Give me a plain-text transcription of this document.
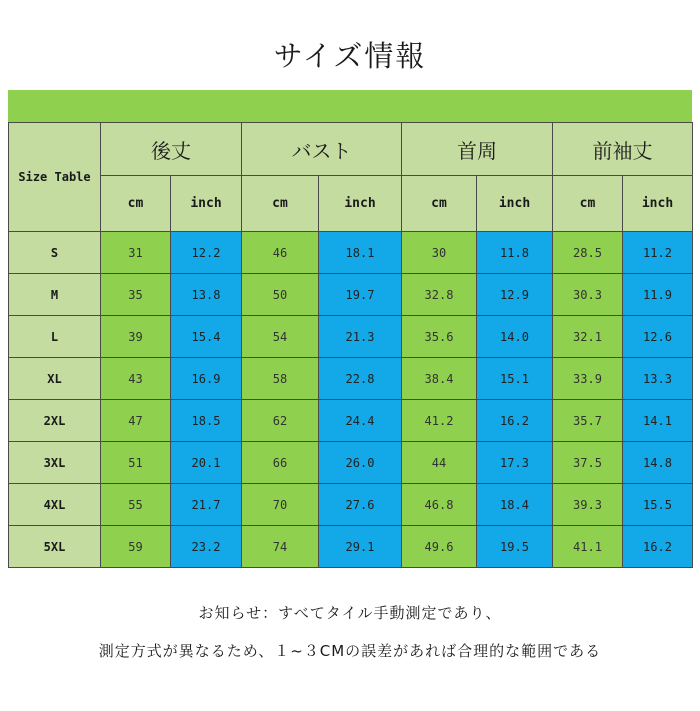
サイズ情報
Size Table	後丈		バスト		首周		前袖丈	
	cm	inch	cm	inch	cm	inch	cm	inch
S	31	12.2	46	18.1	30	11.8	28.5	11.2
M	35	13.8	50	19.7	32.8	12.9	30.3	11.9
L	39	15.4	54	21.3	35.6	14.0	32.1	12.6
XL	43	16.9	58	22.8	38.4	15.1	33.9	13.3
2XL	47	18.5	62	24.4	41.2	16.2	35.7	14.1
3XL	51	20.1	66	26.0	44	17.3	37.5	14.8
4XL	55	21.7	70	27.6	46.8	18.4	39.3	15.5
5XL	59	23.2	74	29.1	49.6	19.5	41.1	16.2
お知らせ：すべてタイル手動測定であり、
測定方式が異なるため、１~３CMの誤差があれば合理的な範囲である
